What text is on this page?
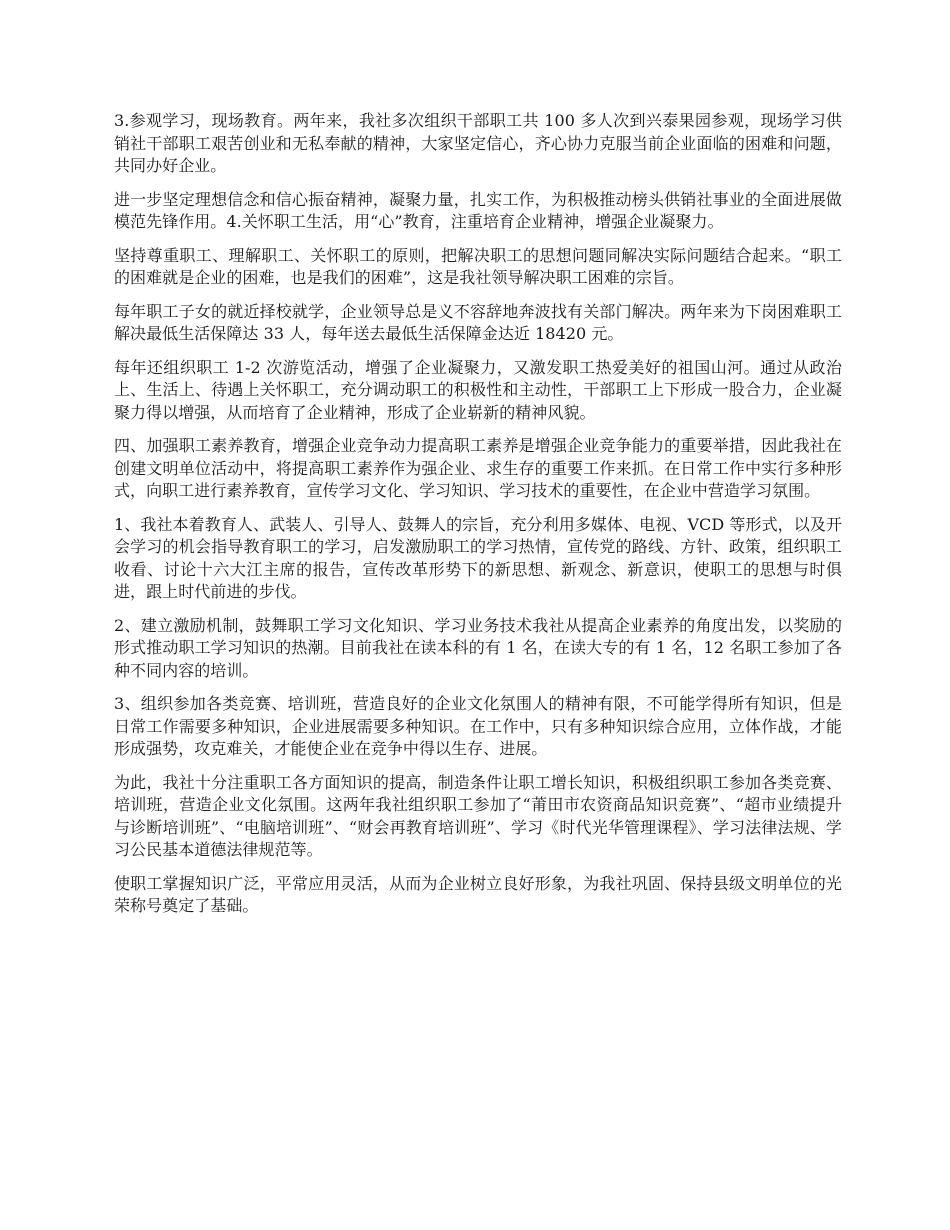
3.参观学习，现场教育。两年来，我社多次组织干部职工共 100 多人次到兴泰果园参观，现场学习供销社干部职工艰苦创业和无私奉献的精神，大家坚定信心，齐心协力克服当前企业面临的困难和问题，共同办好企业。

进一步坚定理想信念和信心振奋精神，凝聚力量，扎实工作，为积极推动榜头供销社事业的全面进展做模范先锋作用。4.关怀职工生活，用“心”教育，注重培育企业精神，增强企业凝聚力。

坚持尊重职工、理解职工、关怀职工的原则，把解决职工的思想问题同解决实际问题结合起来。“职工的困难就是企业的困难，也是我们的困难”，这是我社领导解决职工困难的宗旨。

每年职工子女的就近择校就学，企业领导总是义不容辞地奔波找有关部门解决。两年来为下岗困难职工解决最低生活保障达 33 人，每年送去最低生活保障金达近 18420 元。

每年还组织职工 1-2 次游览活动，增强了企业凝聚力，又激发职工热爱美好的祖国山河。通过从政治上、生活上、待遇上关怀职工，充分调动职工的积极性和主动性，干部职工上下形成一股合力，企业凝聚力得以增强，从而培育了企业精神，形成了企业崭新的精神风貌。

四、加强职工素养教育，增强企业竞争动力提高职工素养是增强企业竞争能力的重要举措，因此我社在创建文明单位活动中，将提高职工素养作为强企业、求生存的重要工作来抓。在日常工作中实行多种形式，向职工进行素养教育，宣传学习文化、学习知识、学习技术的重要性，在企业中营造学习氛围。

1、我社本着教育人、武装人、引导人、鼓舞人的宗旨，充分利用多媒体、电视、VCD 等形式，以及开会学习的机会指导教育职工的学习，启发激励职工的学习热情，宣传党的路线、方针、政策，组织职工收看、讨论十六大江主席的报告，宣传改革形势下的新思想、新观念、新意识，使职工的思想与时俱进，跟上时代前进的步伐。

2、建立激励机制，鼓舞职工学习文化知识、学习业务技术我社从提高企业素养的角度出发，以奖励的形式推动职工学习知识的热潮。目前我社在读本科的有 1 名，在读大专的有 1 名，12 名职工参加了各种不同内容的培训。

3、组织参加各类竞赛、培训班，营造良好的企业文化氛围人的精神有限，不可能学得所有知识，但是日常工作需要多种知识，企业进展需要多种知识。在工作中，只有多种知识综合应用，立体作战，才能形成强势，攻克难关，才能使企业在竞争中得以生存、进展。

为此，我社十分注重职工各方面知识的提高，制造条件让职工增长知识，积极组织职工参加各类竞赛、培训班，营造企业文化氛围。这两年我社组织职工参加了“莆田市农资商品知识竞赛”、“超市业绩提升与诊断培训班”、“电脑培训班”、“财会再教育培训班”、学习《时代光华管理课程》、学习法律法规、学习公民基本道德法律规范等。

使职工掌握知识广泛，平常应用灵活，从而为企业树立良好形象，为我社巩固、保持县级文明单位的光荣称号奠定了基础。
